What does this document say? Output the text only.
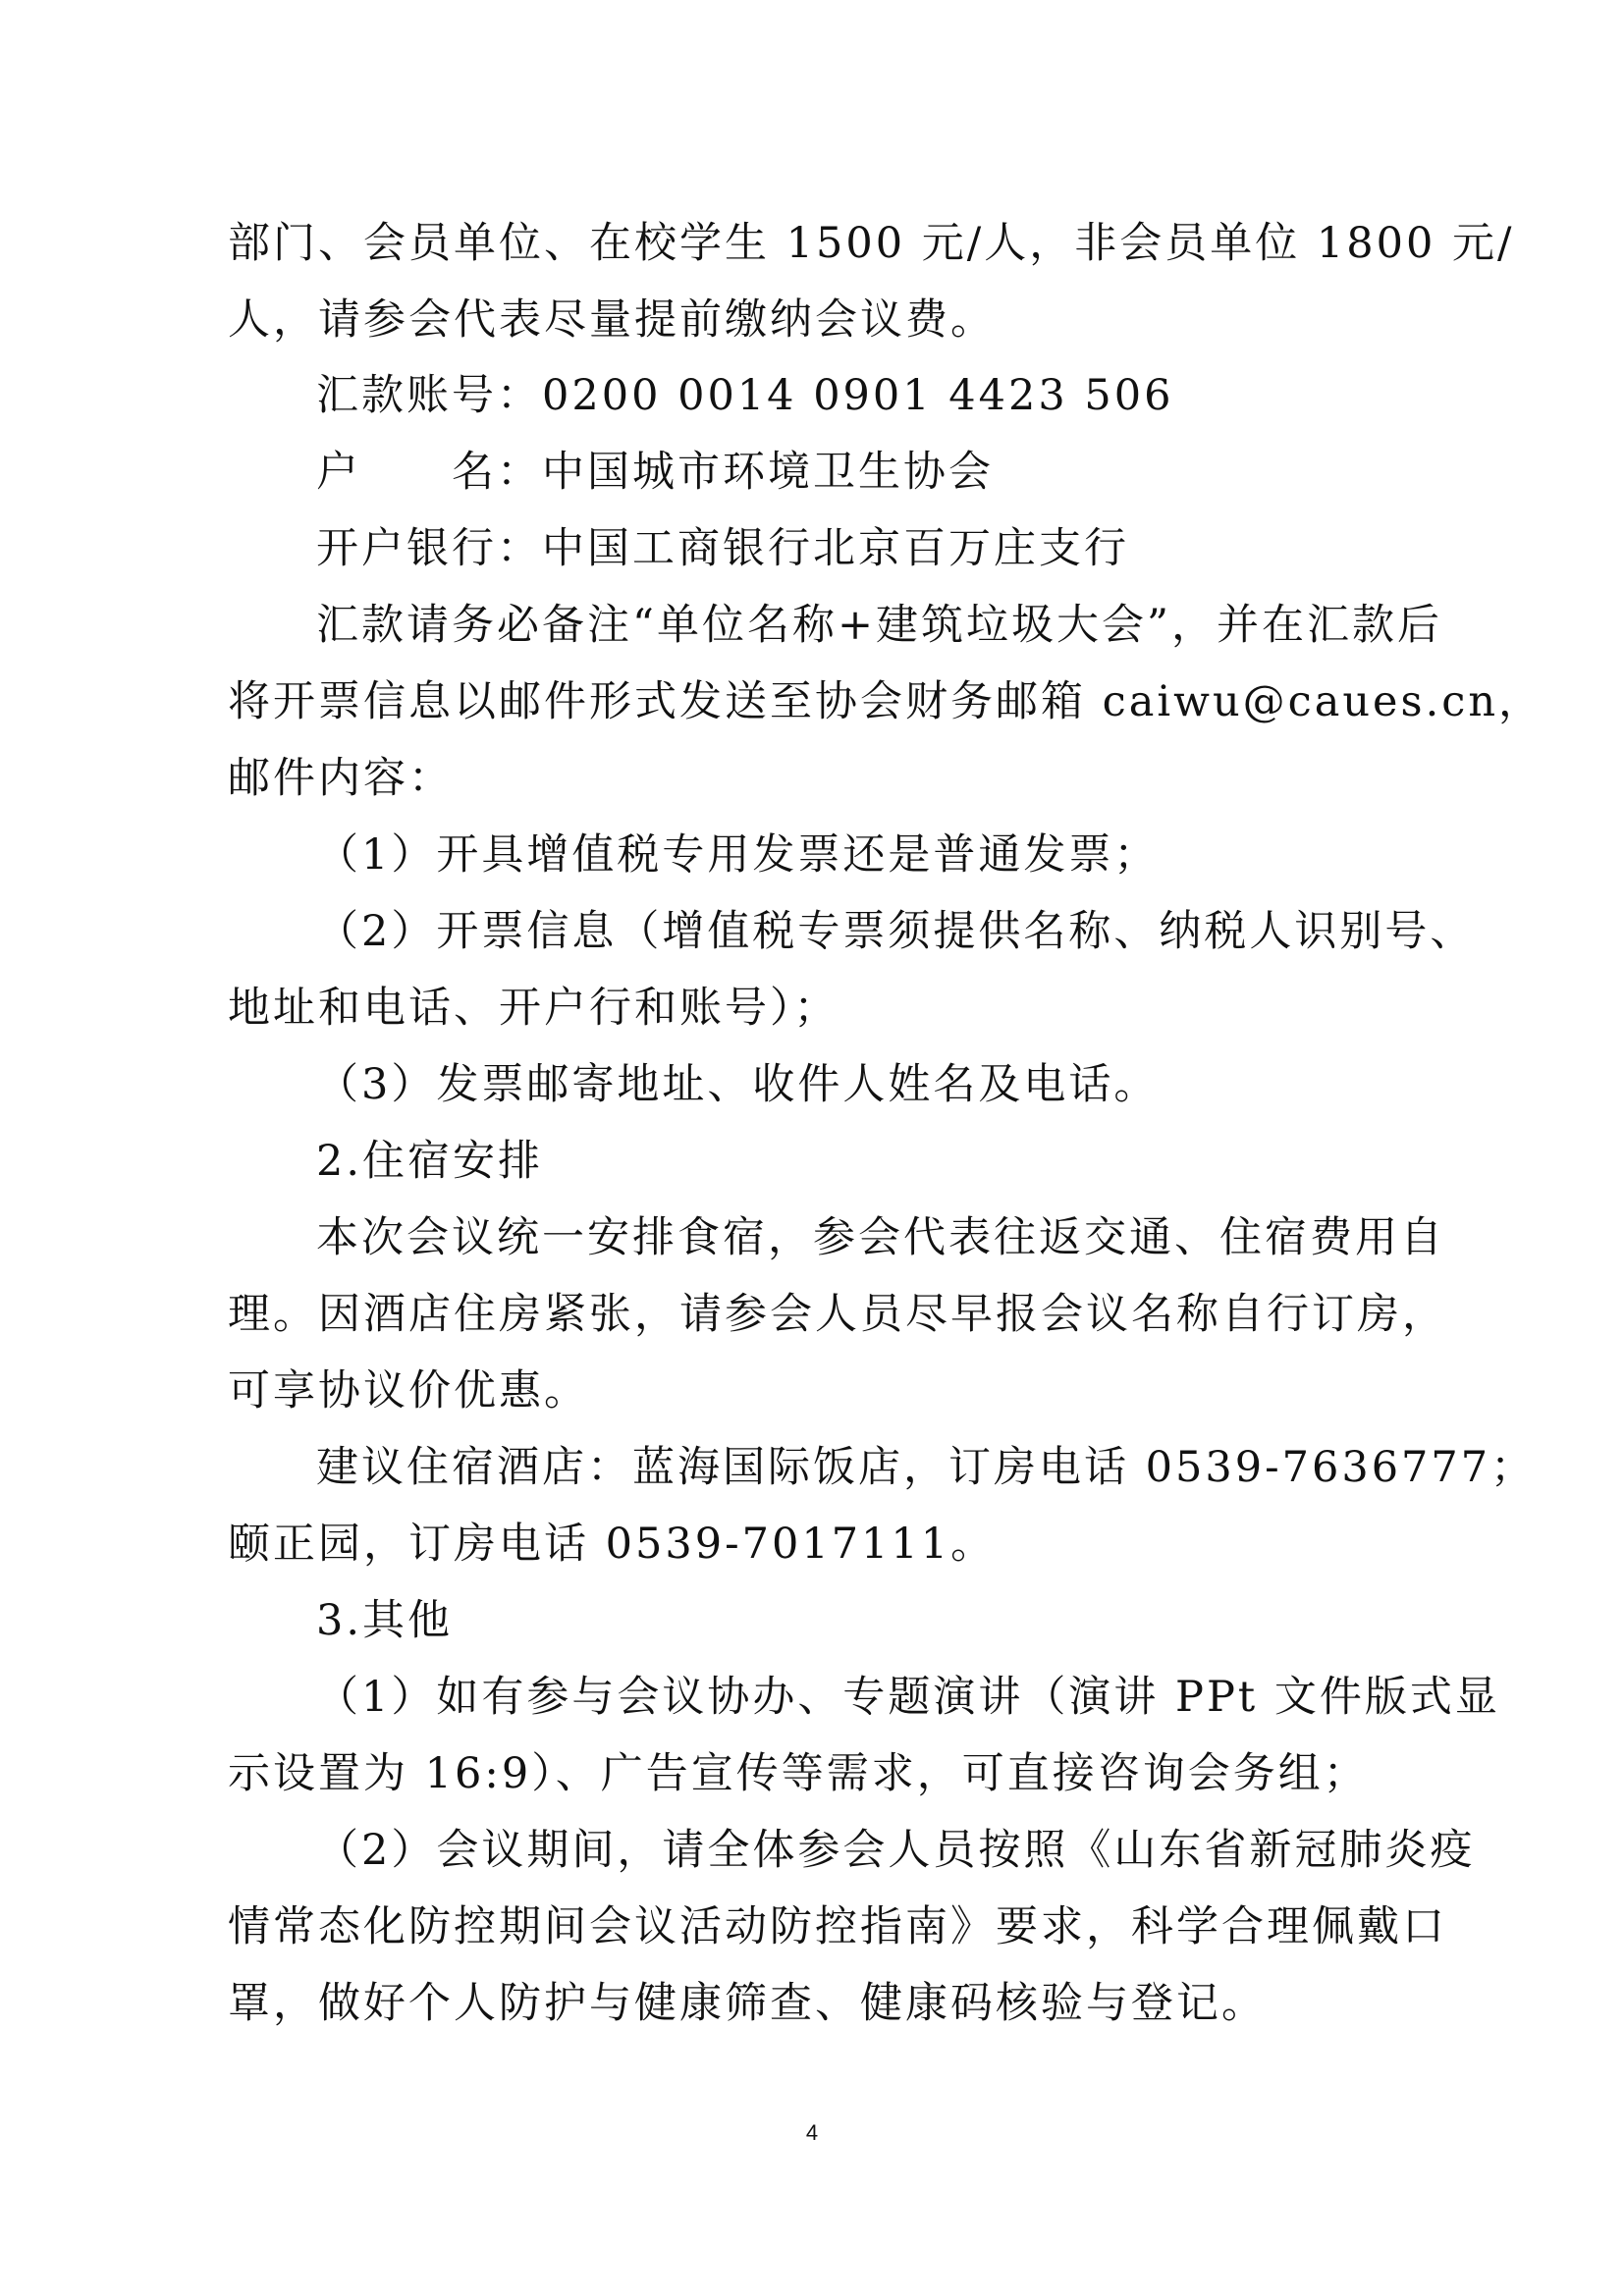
部门、会员单位、在校学生 1500 元/人，非会员单位 1800 元/
人，请参会代表尽量提前缴纳会议费。
汇款账号：0200 0014 0901 4423 506
户　　名：中国城市环境卫生协会
开户银行：中国工商银行北京百万庄支行
汇款请务必备注“单位名称+建筑垃圾大会”，并在汇款后
将开票信息以邮件形式发送至协会财务邮箱 caiwu@caues.cn，
邮件内容：
（1）开具增值税专用发票还是普通发票；
（2）开票信息（增值税专票须提供名称、纳税人识别号、
地址和电话、开户行和账号）；
（3）发票邮寄地址、收件人姓名及电话。
2.住宿安排
本次会议统一安排食宿，参会代表往返交通、住宿费用自
理。因酒店住房紧张，请参会人员尽早报会议名称自行订房，
可享协议价优惠。
建议住宿酒店：蓝海国际饭店，订房电话 0539-7636777；
颐正园，订房电话 0539-7017111。
3.其他
（1）如有参与会议协办、专题演讲（演讲 PPt 文件版式显
示设置为 16:9）、广告宣传等需求，可直接咨询会务组；
（2）会议期间，请全体参会人员按照《山东省新冠肺炎疫
情常态化防控期间会议活动防控指南》要求，科学合理佩戴口
罩，做好个人防护与健康筛查、健康码核验与登记。
4
